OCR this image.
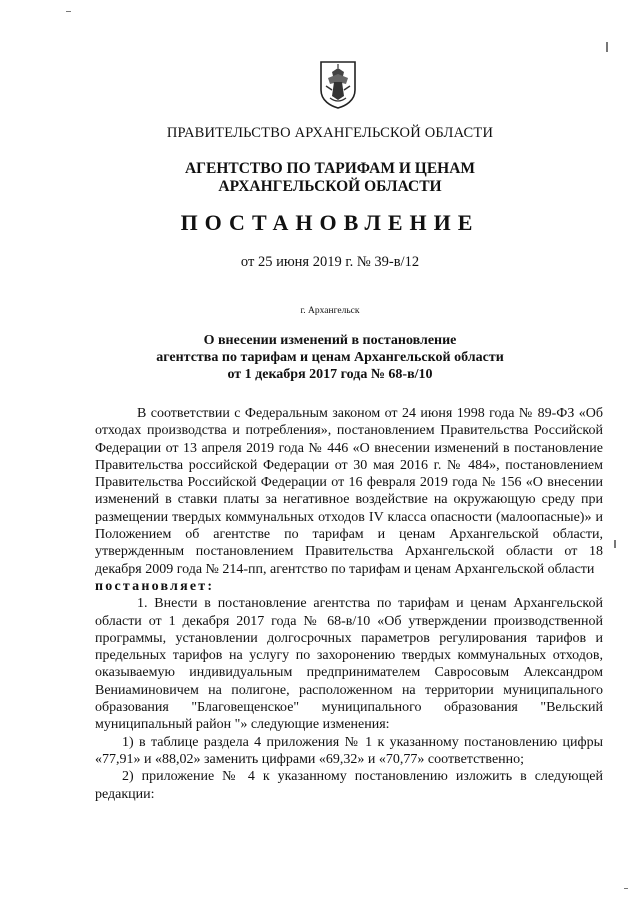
ПРАВИТЕЛЬСТВО АРХАНГЕЛЬСКОЙ ОБЛАСТИ
АГЕНТСТВО ПО ТАРИФАМ И ЦЕНАМ
АРХАНГЕЛЬСКОЙ ОБЛАСТИ
ПОСТАНОВЛЕНИЕ
от 25 июня 2019 г. № 39-в/12
г. Архангельск
О внесении изменений в постановление
агентства по тарифам и ценам Архангельской области
от 1 декабря 2017 года № 68-в/10

В соответствии с Федеральным законом от 24 июня 1998 года № 89-ФЗ «Об отходах производства и потребления», постановлением Правительства Российской Федерации от 13 апреля 2019 года № 446 «О внесении изменений в постановление Правительства российской Федерации от 30 мая 2016 г. № 484», постановлением Правительства Российской Федерации от 16 февраля 2019 года № 156 «О внесении изменений в ставки платы за негативное воздействие на окружающую среду при размещении твердых коммунальных отходов IV класса опасности (малоопасные)» и Положением об агентстве по тарифам и ценам Архангельской области, утвержденным постановлением Правительства Архангельской области от 18 декабря 2009 года № 214-пп, агентство по тарифам и ценам Архангельской области

постановляет:

1. Внести в постановление агентства по тарифам и ценам Архангельской области от 1 декабря 2017 года № 68-в/10 «Об утверждении производственной программы, установлении долгосрочных параметров регулирования тарифов и предельных тарифов на услугу по захоронению твердых коммунальных отходов, оказываемую индивидуальным предпринимателем Савросовым Александром Вениаминовичем на полигоне, расположенном на территории муниципального образования "Благовещенское" муниципального образования "Вельский муниципальный район "» следующие изменения:

1) в таблице раздела 4 приложения № 1 к указанному постановлению цифры «77,91» и «88,02» заменить цифрами «69,32» и «70,77» соответственно;

2) приложение № 4 к указанному постановлению изложить в следующей редакции:
